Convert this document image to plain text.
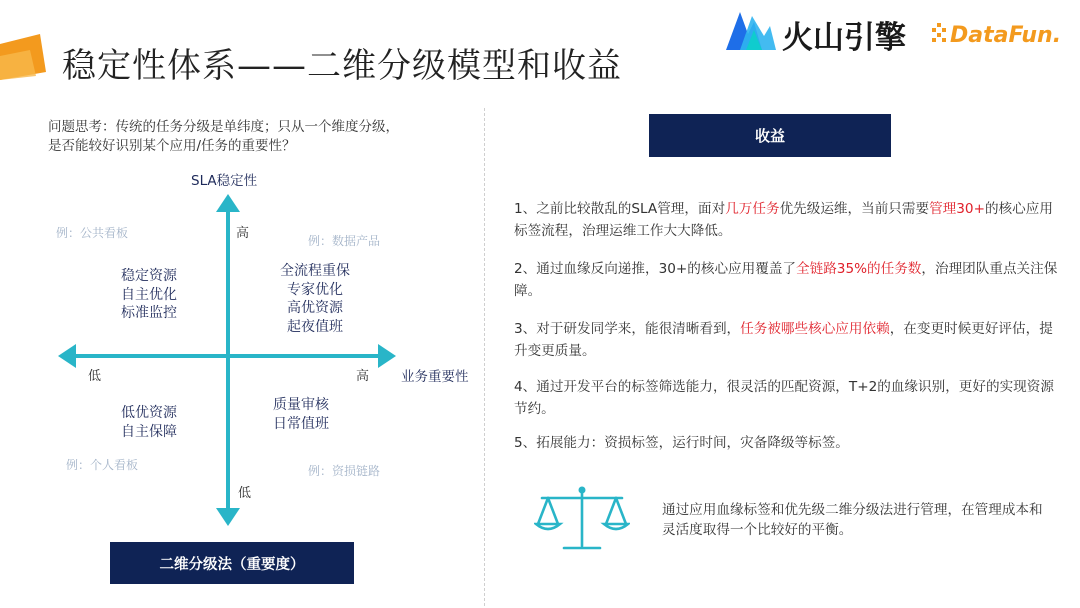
稳定性体系——二维分级模型和收益
火山引擎 DataFun.
问题思考：传统的任务分级是单纬度；只从一个维度分级，
是否能较好识别某个应用/任务的重要性？
SLA稳定性
业务重要性
高
低
低	高
例：公共看板
例：数据产品
例：个人看板	例：资损链路
稳定资源
自主优化
标准监控
全流程重保
专家优化
高优资源
起夜值班
低优资源
自主保障
质量审核
日常值班
二维分级法（重要度）
收益
1、之前比较散乱的SLA管理，面对几万任务优先级运维，当前只需要管理30+的核心应用标签流程，治理运维工作大大降低。
2、通过血缘反向递推，30+的核心应用覆盖了全链路35%的任务数，治理团队重点关注保障。
3、对于研发同学来，能很清晰看到，任务被哪些核心应用依赖，在变更时候更好评估，提升变更质量。
4、通过开发平台的标签筛选能力，很灵活的匹配资源，T+2的血缘识别，更好的实现资源节约。
5、拓展能力：资损标签，运行时间，灾备降级等标签。
通过应用血缘标签和优先级二维分级法进行管理，在管理成本和灵活度取得一个比较好的平衡。
